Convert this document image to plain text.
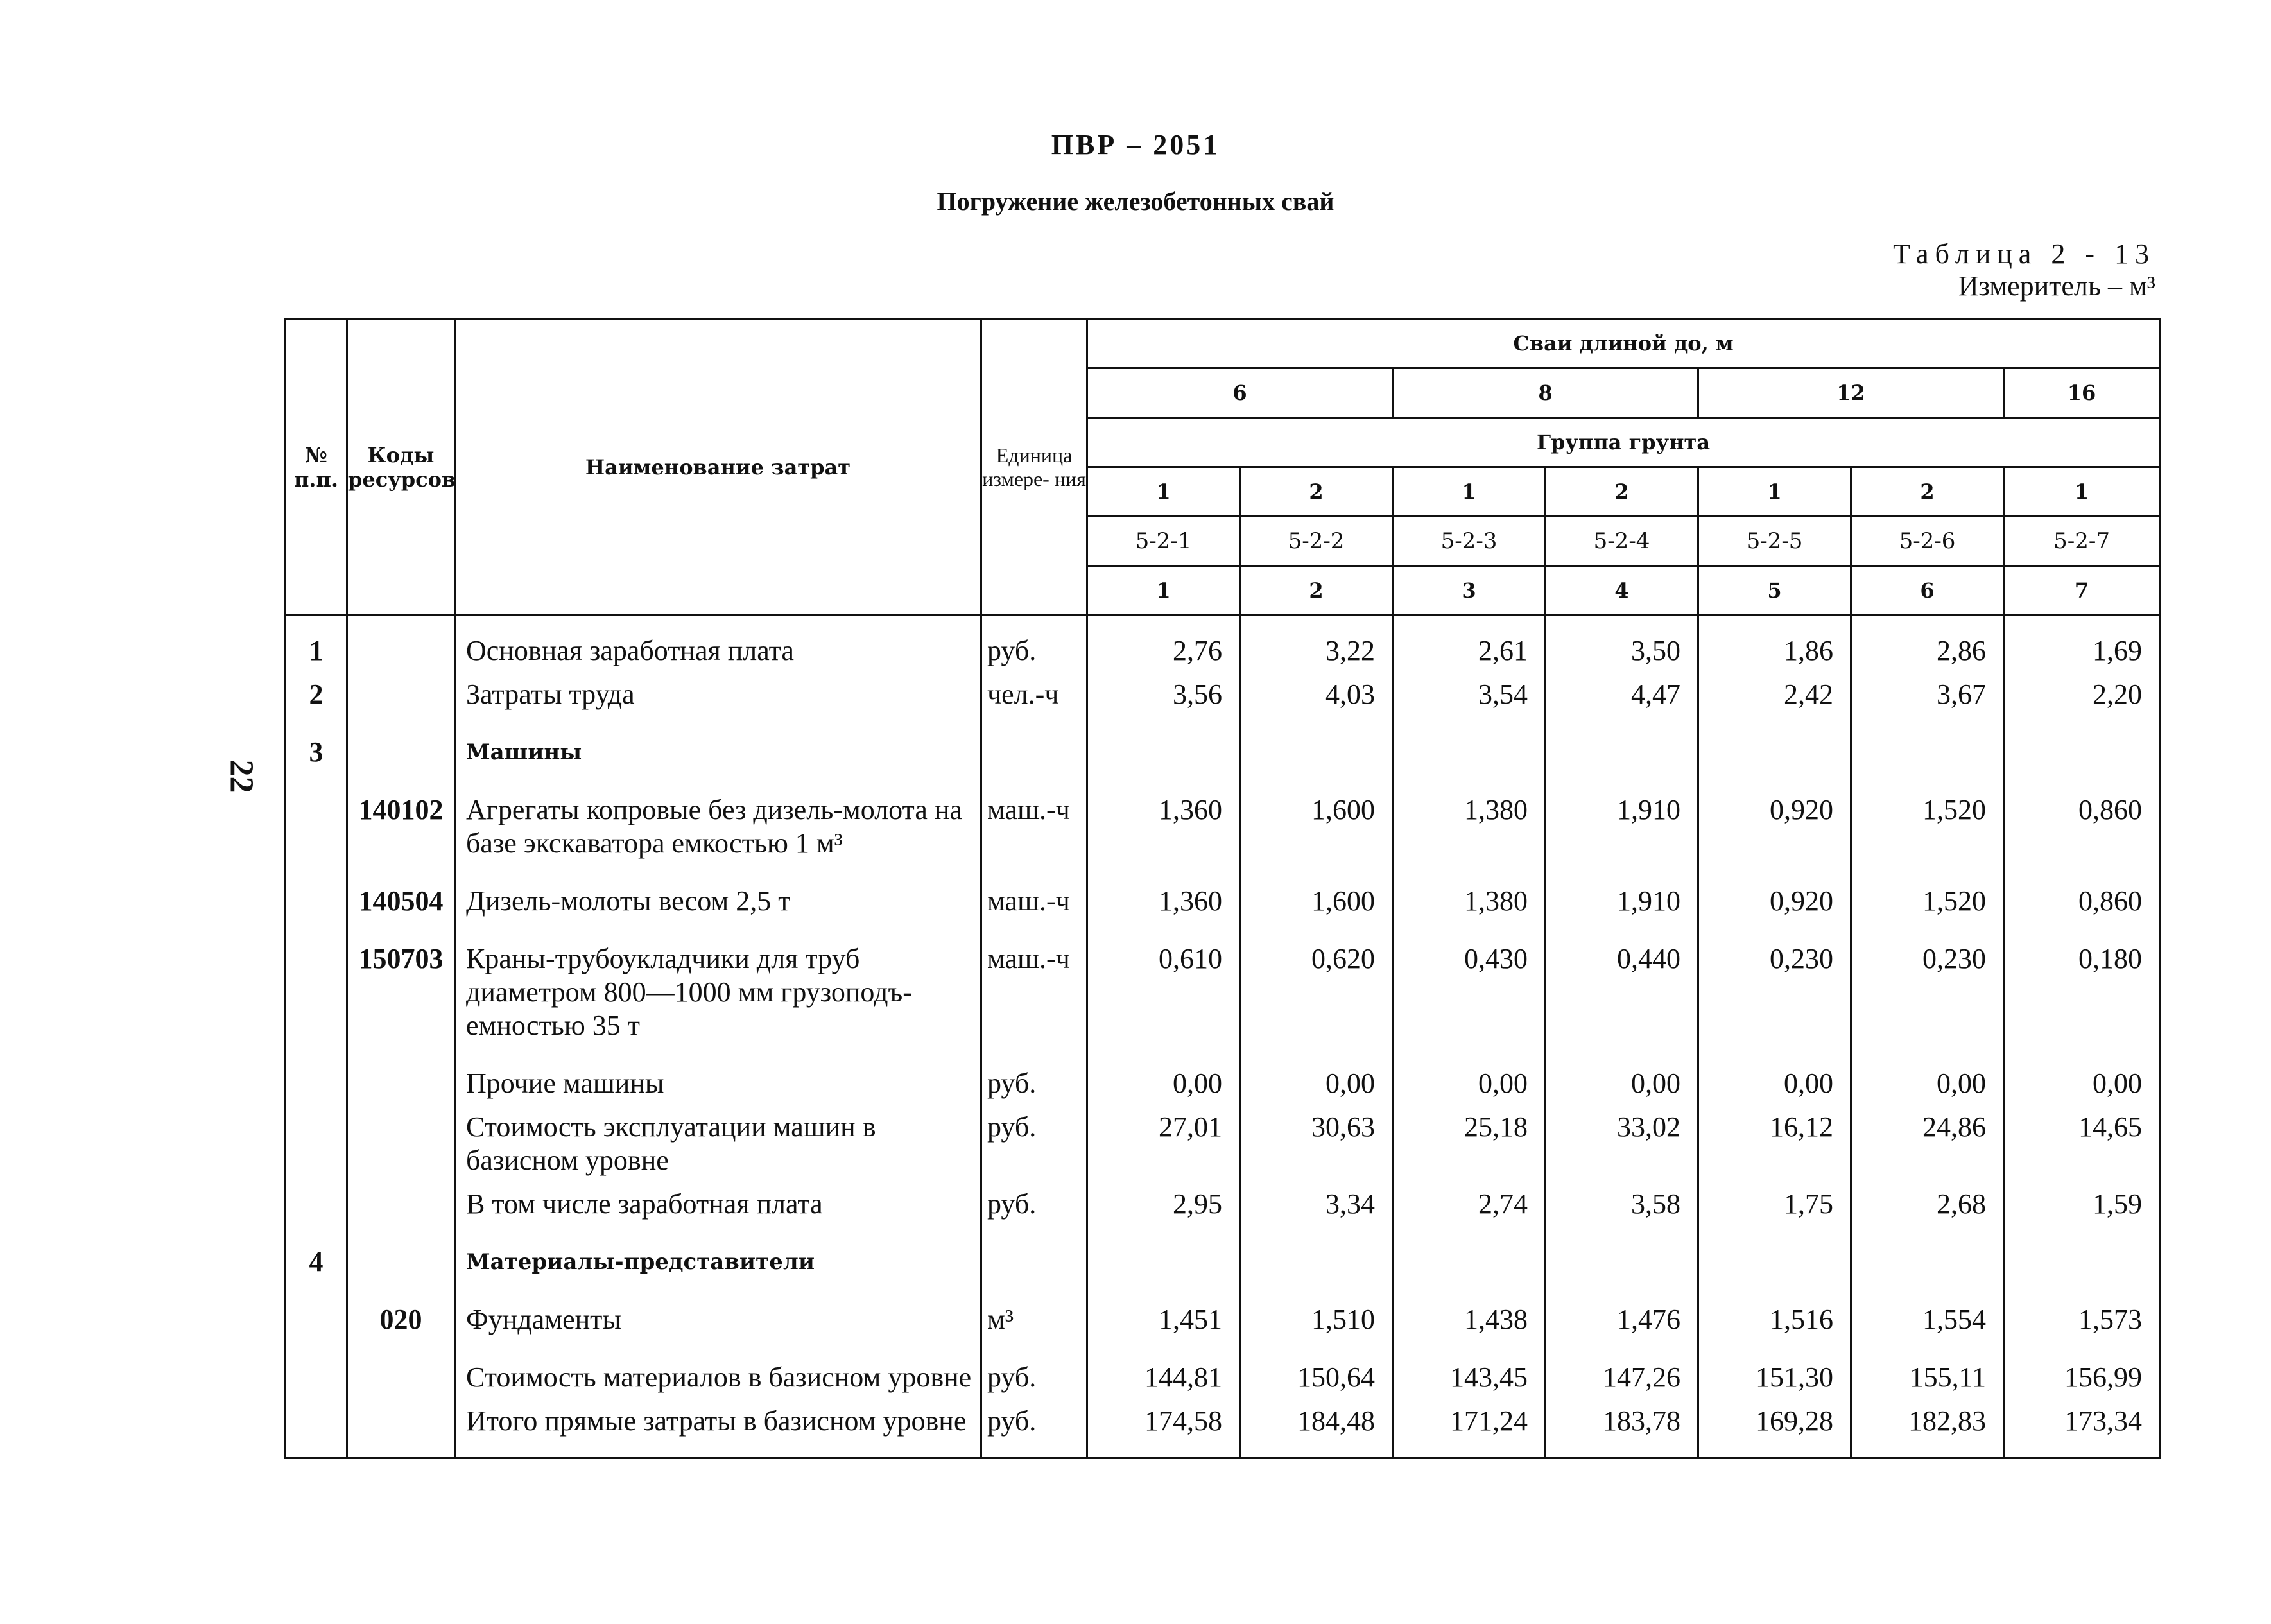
ПВР – 2051
Погружение железобетонных свай
Таблица 2 - 13
Измеритель – м³
22
№ п.п.	Коды ресурсов	Наименование затрат	Единица измере- ния	Сваи длиной до, м						
				6		8		12		16
				Группа грунта						
				1	2	1	2	1	2	1
				5-2-1	5-2-2	5-2-3	5-2-4	5-2-5	5-2-6	5-2-7
				1	2	3	4	5	6	7
1		Основная заработная плата	руб.	2,76	3,22	2,61	3,50	1,86	2,86	1,69
2		Затраты труда	чел.-ч	3,56	4,03	3,54	4,47	2,42	3,67	2,20
3		Машины								
	140102	Агрегаты копровые без дизель-молота на базе экскаватора емкостью 1 м³	маш.-ч	1,360	1,600	1,380	1,910	0,920	1,520	0,860
	140504	Дизель-молоты весом 2,5 т	маш.-ч	1,360	1,600	1,380	1,910	0,920	1,520	0,860
	150703	Краны-трубоукладчики для труб диаметром 800—1000 мм грузоподъ-емностью 35 т	маш.-ч	0,610	0,620	0,430	0,440	0,230	0,230	0,180
		Прочие машины	руб.	0,00	0,00	0,00	0,00	0,00	0,00	0,00
		Стоимость эксплуатации машин в базисном уровне	руб.	27,01	30,63	25,18	33,02	16,12	24,86	14,65
		В том числе заработная плата	руб.	2,95	3,34	2,74	3,58	1,75	2,68	1,59
4		Материалы-представители								
	020	Фундаменты	м³	1,451	1,510	1,438	1,476	1,516	1,554	1,573
		Стоимость материалов в базисном уровне	руб.	144,81	150,64	143,45	147,26	151,30	155,11	156,99
		Итого прямые затраты в базисном уровне	руб.	174,58	184,48	171,24	183,78	169,28	182,83	173,34
